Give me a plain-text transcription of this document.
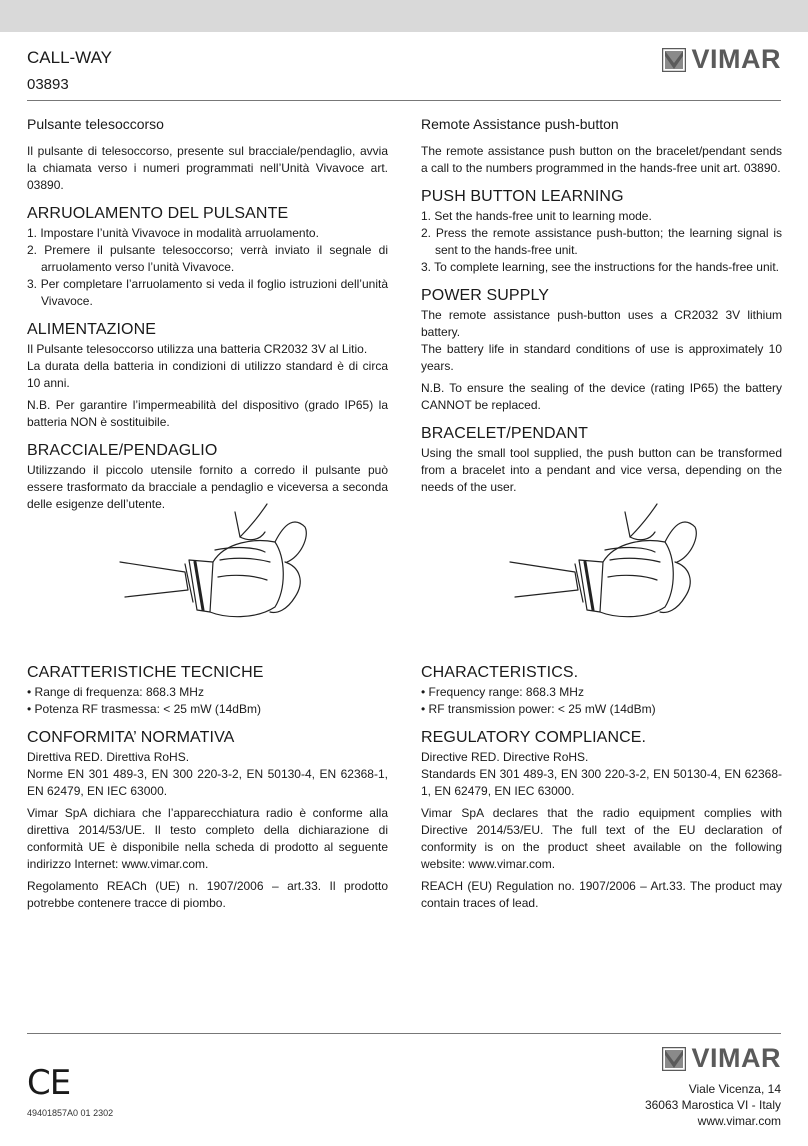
CALL-WAY
03893
VIMAR
Pulsante telesoccorso

Il pulsante di telesoccorso, presente sul bracciale/pendaglio, avvia la chiamata verso i numeri programmati nell’Unità Vivavoce art. 03890.

ARRUOLAMENTO DEL PULSANTE
1. Impostare l’unità Vivavoce in modalità arruolamento.
2. Premere il pulsante telesoccorso; verrà inviato il segnale di arruolamento verso l’unità Vivavoce.
3. Per completare l’arruolamento si veda il foglio istruzioni dell’unità Vivavoce.
ALIMENTAZIONE

Il Pulsante telesoccorso utilizza una batteria CR2032 3V al Litio.

La durata della batteria in condizioni di utilizzo standard è di circa 10 anni.

N.B. Per garantire l’impermeabilità del dispositivo (grado IP65) la batteria NON è sostituibile.

BRACCIALE/PENDAGLIO

Utilizzando il piccolo utensile fornito a corredo il pulsante può essere trasformato da bracciale a pendaglio e viceversa a seconda delle esigenze dell’utente.

Remote Assistance push-button

The remote assistance push button on the bracelet/pendant sends a call to the numbers programmed in the hands-free unit art. 03890.

PUSH BUTTON LEARNING
1. Set the hands-free unit to learning mode.
2. Press the remote assistance push-button; the learning signal is sent to the hands-free unit.
3. To complete learning, see the instructions for the hands-free unit.
POWER SUPPLY

The remote assistance push-button uses a CR2032 3V lithium battery.

The battery life in standard conditions of use is approximately 10 years.

N.B. To ensure the sealing of the device (rating IP65) the battery CANNOT be replaced.

BRACELET/PENDANT

Using the small tool supplied, the push button can be transformed from a bracelet into a pendant and vice versa, depending on the needs of the user.

CARATTERISTICHE TECNICHE
• Range di frequenza: 868.3 MHz
• Potenza RF trasmessa: < 25 mW (14dBm)
CONFORMITA’ NORMATIVA

Direttiva RED. Direttiva RoHS.

Norme EN 301 489-3, EN 300 220-3-2, EN 50130-4, EN 62368-1, EN 62479, EN IEC 63000.

Vimar SpA dichiara che l’apparecchiatura radio è conforme alla direttiva 2014/53/UE. Il testo completo della dichiarazione di conformità UE è disponibile nella scheda di prodotto al seguente indirizzo Internet: www.vimar.com.

Regolamento REACh (UE) n. 1907/2006 – art.33. Il prodotto potrebbe contenere tracce di piombo.

CHARACTERISTICS.
• Frequency range: 868.3 MHz
• RF transmission power: < 25 mW (14dBm)
REGULATORY COMPLIANCE.

Directive RED. Directive RoHS.

Standards EN 301 489-3, EN 300 220-3-2, EN 50130-4, EN 62368-1, EN 62479, EN IEC 63000.

Vimar SpA declares that the radio equipment complies with Directive 2014/53/EU. The full text of the EU declaration of conformity is on the product sheet available on the following website: www.vimar.com.

REACH (EU) Regulation no. 1907/2006 – Art.33. The product may contain traces of lead.

CE
49401857A0 01 2302
VIMAR
Viale Vicenza, 14
36063 Marostica VI - Italy
www.vimar.com
